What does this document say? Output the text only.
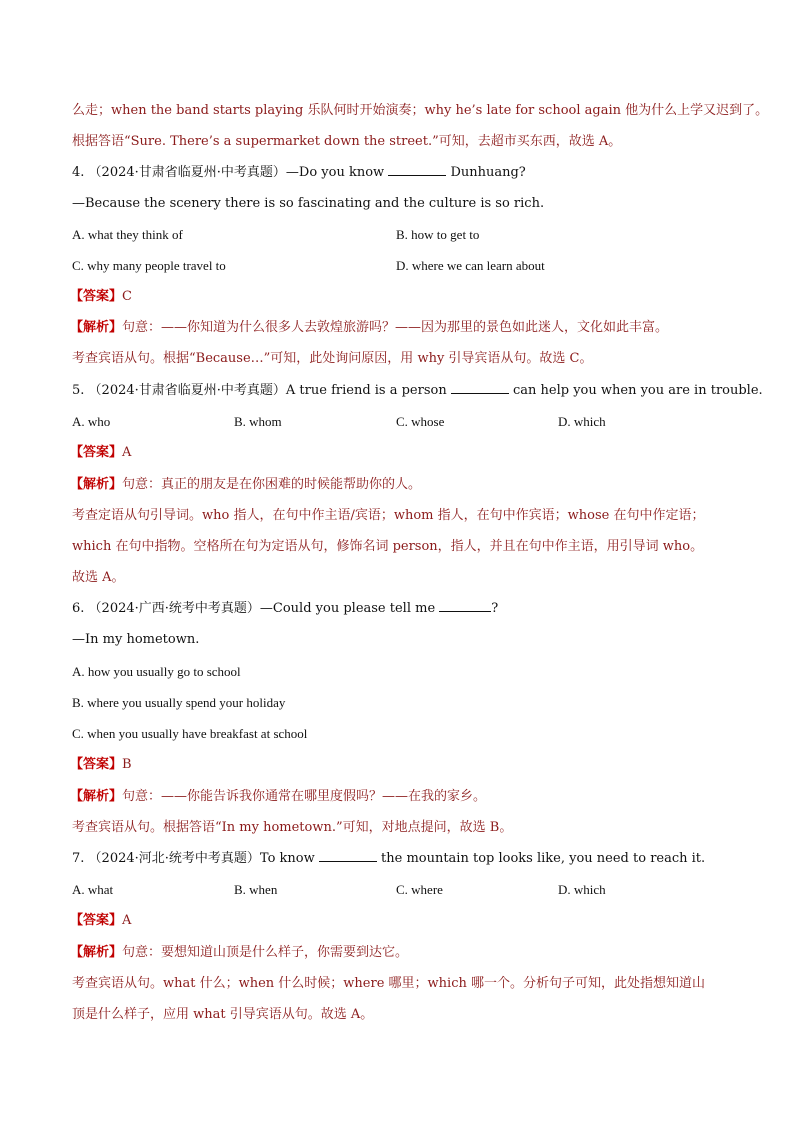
么走；when the band starts playing 乐队何时开始演奏；why he’s late for school again 他为什么上学又迟到了。
根据答语“Sure. There’s a supermarket down the street.”可知，去超市买东西，故选 A。
4. （2024·甘肃省临夏州·中考真题）—Do you know	Dunhuang?
—Because the scenery there is so fascinating and the culture is so rich.
A. what they think of	B. how to get to
C. why many people travel to	D. where we can learn about
【答案】C
【解析】句意：——你知道为什么很多人去敦煌旅游吗？——因为那里的景色如此迷人，文化如此丰富。
考查宾语从句。根据“Because…”可知，此处询问原因，用 why 引导宾语从句。故选 C。
5. （2024·甘肃省临夏州·中考真题）A true friend is a person	can help you when you are in trouble.
A. who	B. whom	C. whose	D. which
【答案】A
【解析】句意：真正的朋友是在你困难的时候能帮助你的人。
考查定语从句引导词。who 指人，在句中作主语/宾语；whom 指人，在句中作宾语；whose 在句中作定语；
which 在句中指物。空格所在句为定语从句，修饰名词 person，指人，并且在句中作主语，用引导词 who。
故选 A。
6. （2024·广西·统考中考真题）—Could you please tell me	?
—In my hometown.
A. how you usually go to school
B. where you usually spend your holiday
C. when you usually have breakfast at school
【答案】B
【解析】句意：——你能告诉我你通常在哪里度假吗？——在我的家乡。
考查宾语从句。根据答语“In my hometown.”可知，对地点提问，故选 B。
7. （2024·河北·统考中考真题）To know	the mountain top looks like, you need to reach it.
A. what	B. when	C. where	D. which
【答案】A
【解析】句意：要想知道山顶是什么样子，你需要到达它。
考查宾语从句。what 什么；when 什么时候；where 哪里；which 哪一个。分析句子可知，此处指想知道山
顶是什么样子，应用 what 引导宾语从句。故选 A。
